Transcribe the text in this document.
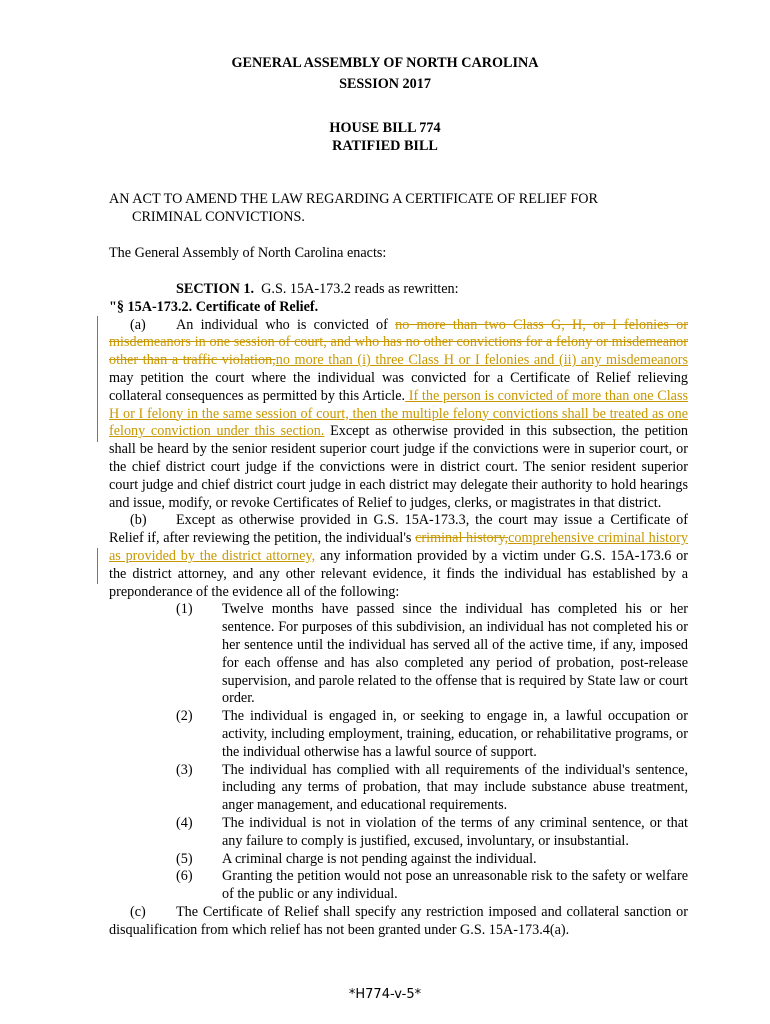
GENERAL ASSEMBLY OF NORTH CAROLINA
SESSION 2017
HOUSE BILL 774
RATIFIED BILL
AN ACT TO AMEND THE LAW REGARDING A CERTIFICATE OF RELIEF FOR
CRIMINAL CONVICTIONS.
The General Assembly of North Carolina enacts:
SECTION 1. G.S. 15A-173.2 reads as rewritten:
"§ 15A-173.2. Certificate of Relief.
(a) An individual who is convicted of no more than two Class G, H, or I felonies or misdemeanors in one session of court, and who has no other convictions for a felony or misdemeanor other than a traffic violation,no more than (i) three Class H or I felonies and (ii) any misdemeanors may petition the court where the individual was convicted for a Certificate of Relief relieving collateral consequences as permitted by this Article. If the person is convicted of more than one Class H or I felony in the same session of court, then the multiple felony convictions shall be treated as one felony conviction under this section. Except as otherwise provided in this subsection, the petition shall be heard by the senior resident superior court judge if the convictions were in superior court, or the chief district court judge if the convictions were in district court. The senior resident superior court judge and chief district court judge in each district may delegate their authority to hold hearings and issue, modify, or revoke Certificates of Relief to judges, clerks, or magistrates in that district.
(b) Except as otherwise provided in G.S. 15A-173.3, the court may issue a Certificate of Relief if, after reviewing the petition, the individual's criminal history,comprehensive criminal history as provided by the district attorney, any information provided by a victim under G.S. 15A-173.6 or the district attorney, and any other relevant evidence, it finds the individual has established by a preponderance of the evidence all of the following:
(1) Twelve months have passed since the individual has completed his or her sentence. For purposes of this subdivision, an individual has not completed his or her sentence until the individual has served all of the active time, if any, imposed for each offense and has also completed any period of probation, post-release supervision, and parole related to the offense that is required by State law or court order.
(2) The individual is engaged in, or seeking to engage in, a lawful occupation or activity, including employment, training, education, or rehabilitative programs, or the individual otherwise has a lawful source of support.
(3) The individual has complied with all requirements of the individual's sentence, including any terms of probation, that may include substance abuse treatment, anger management, and educational requirements.
(4) The individual is not in violation of the terms of any criminal sentence, or that any failure to comply is justified, excused, involuntary, or insubstantial.
(5) A criminal charge is not pending against the individual.
(6) Granting the petition would not pose an unreasonable risk to the safety or welfare of the public or any individual.
(c) The Certificate of Relief shall specify any restriction imposed and collateral sanction or disqualification from which relief has not been granted under G.S. 15A-173.4(a).
*H774-v-5*
